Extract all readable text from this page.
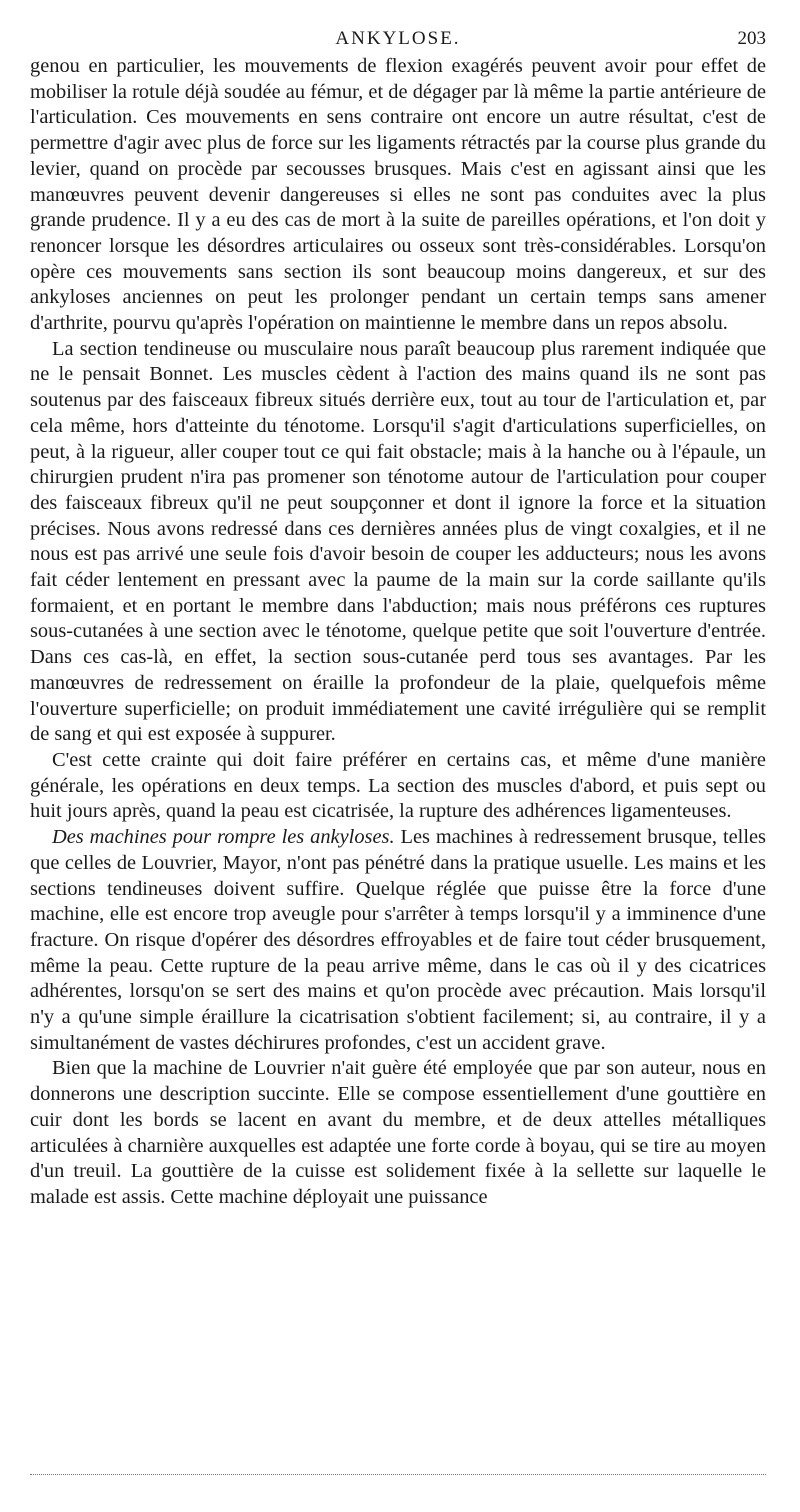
ANKYLOSE.	203

genou en particulier, les mouvements de flexion exagérés peuvent avoir pour effet de mobiliser la rotule déjà soudée au fémur, et de dégager par là même la partie antérieure de l'articulation. Ces mouvements en sens contraire ont encore un autre résultat, c'est de permettre d'agir avec plus de force sur les ligaments rétractés par la course plus grande du levier, quand on procède par secousses brusques. Mais c'est en agissant ainsi que les manœuvres peuvent devenir dangereuses si elles ne sont pas conduites avec la plus grande prudence. Il y a eu des cas de mort à la suite de pareilles opérations, et l'on doit y renoncer lorsque les désordres articulaires ou osseux sont très-considérables. Lorsqu'on opère ces mouvements sans section ils sont beaucoup moins dangereux, et sur des ankyloses anciennes on peut les prolonger pendant un certain temps sans amener d'arthrite, pourvu qu'après l'opération on maintienne le membre dans un repos absolu.

La section tendineuse ou musculaire nous paraît beaucoup plus rarement indiquée que ne le pensait Bonnet. Les muscles cèdent à l'action des mains quand ils ne sont pas soutenus par des faisceaux fibreux situés derrière eux, tout au tour de l'articulation et, par cela même, hors d'atteinte du ténotome. Lorsqu'il s'agit d'articulations superficielles, on peut, à la rigueur, aller couper tout ce qui fait obstacle; mais à la hanche ou à l'épaule, un chirurgien prudent n'ira pas promener son ténotome autour de l'articulation pour couper des faisceaux fibreux qu'il ne peut soupçonner et dont il ignore la force et la situation précises. Nous avons redressé dans ces dernières années plus de vingt coxalgies, et il ne nous est pas arrivé une seule fois d'avoir besoin de couper les adducteurs; nous les avons fait céder lentement en pressant avec la paume de la main sur la corde saillante qu'ils formaient, et en portant le membre dans l'abduction; mais nous préférons ces ruptures sous-cutanées à une section avec le ténotome, quelque petite que soit l'ouverture d'entrée. Dans ces cas-là, en effet, la section sous-cutanée perd tous ses avantages. Par les manœuvres de redressement on éraille la profondeur de la plaie, quelquefois même l'ouverture superficielle; on produit immédiatement une cavité irrégulière qui se remplit de sang et qui est exposée à suppurer.

C'est cette crainte qui doit faire préférer en certains cas, et même d'une manière générale, les opérations en deux temps. La section des muscles d'abord, et puis sept ou huit jours après, quand la peau est cicatrisée, la rupture des adhérences ligamenteuses.

Des machines pour rompre les ankyloses. Les machines à redressement brusque, telles que celles de Louvrier, Mayor, n'ont pas pénétré dans la pratique usuelle. Les mains et les sections tendineuses doivent suffire. Quelque réglée que puisse être la force d'une machine, elle est encore trop aveugle pour s'arrêter à temps lorsqu'il y a imminence d'une fracture. On risque d'opérer des désordres effroyables et de faire tout céder brusquement, même la peau. Cette rupture de la peau arrive même, dans le cas où il y des cicatrices adhérentes, lorsqu'on se sert des mains et qu'on procède avec précaution. Mais lorsqu'il n'y a qu'une simple éraillure la cicatrisation s'obtient facilement; si, au contraire, il y a simultanément de vastes déchirures profondes, c'est un accident grave.

Bien que la machine de Louvrier n'ait guère été employée que par son auteur, nous en donnerons une description succinte. Elle se compose essentiellement d'une gouttière en cuir dont les bords se lacent en avant du membre, et de deux attelles métalliques articulées à charnière auxquelles est adaptée une forte corde à boyau, qui se tire au moyen d'un treuil. La gouttière de la cuisse est solidement fixée à la sellette sur laquelle le malade est assis. Cette machine déployait une puissance
